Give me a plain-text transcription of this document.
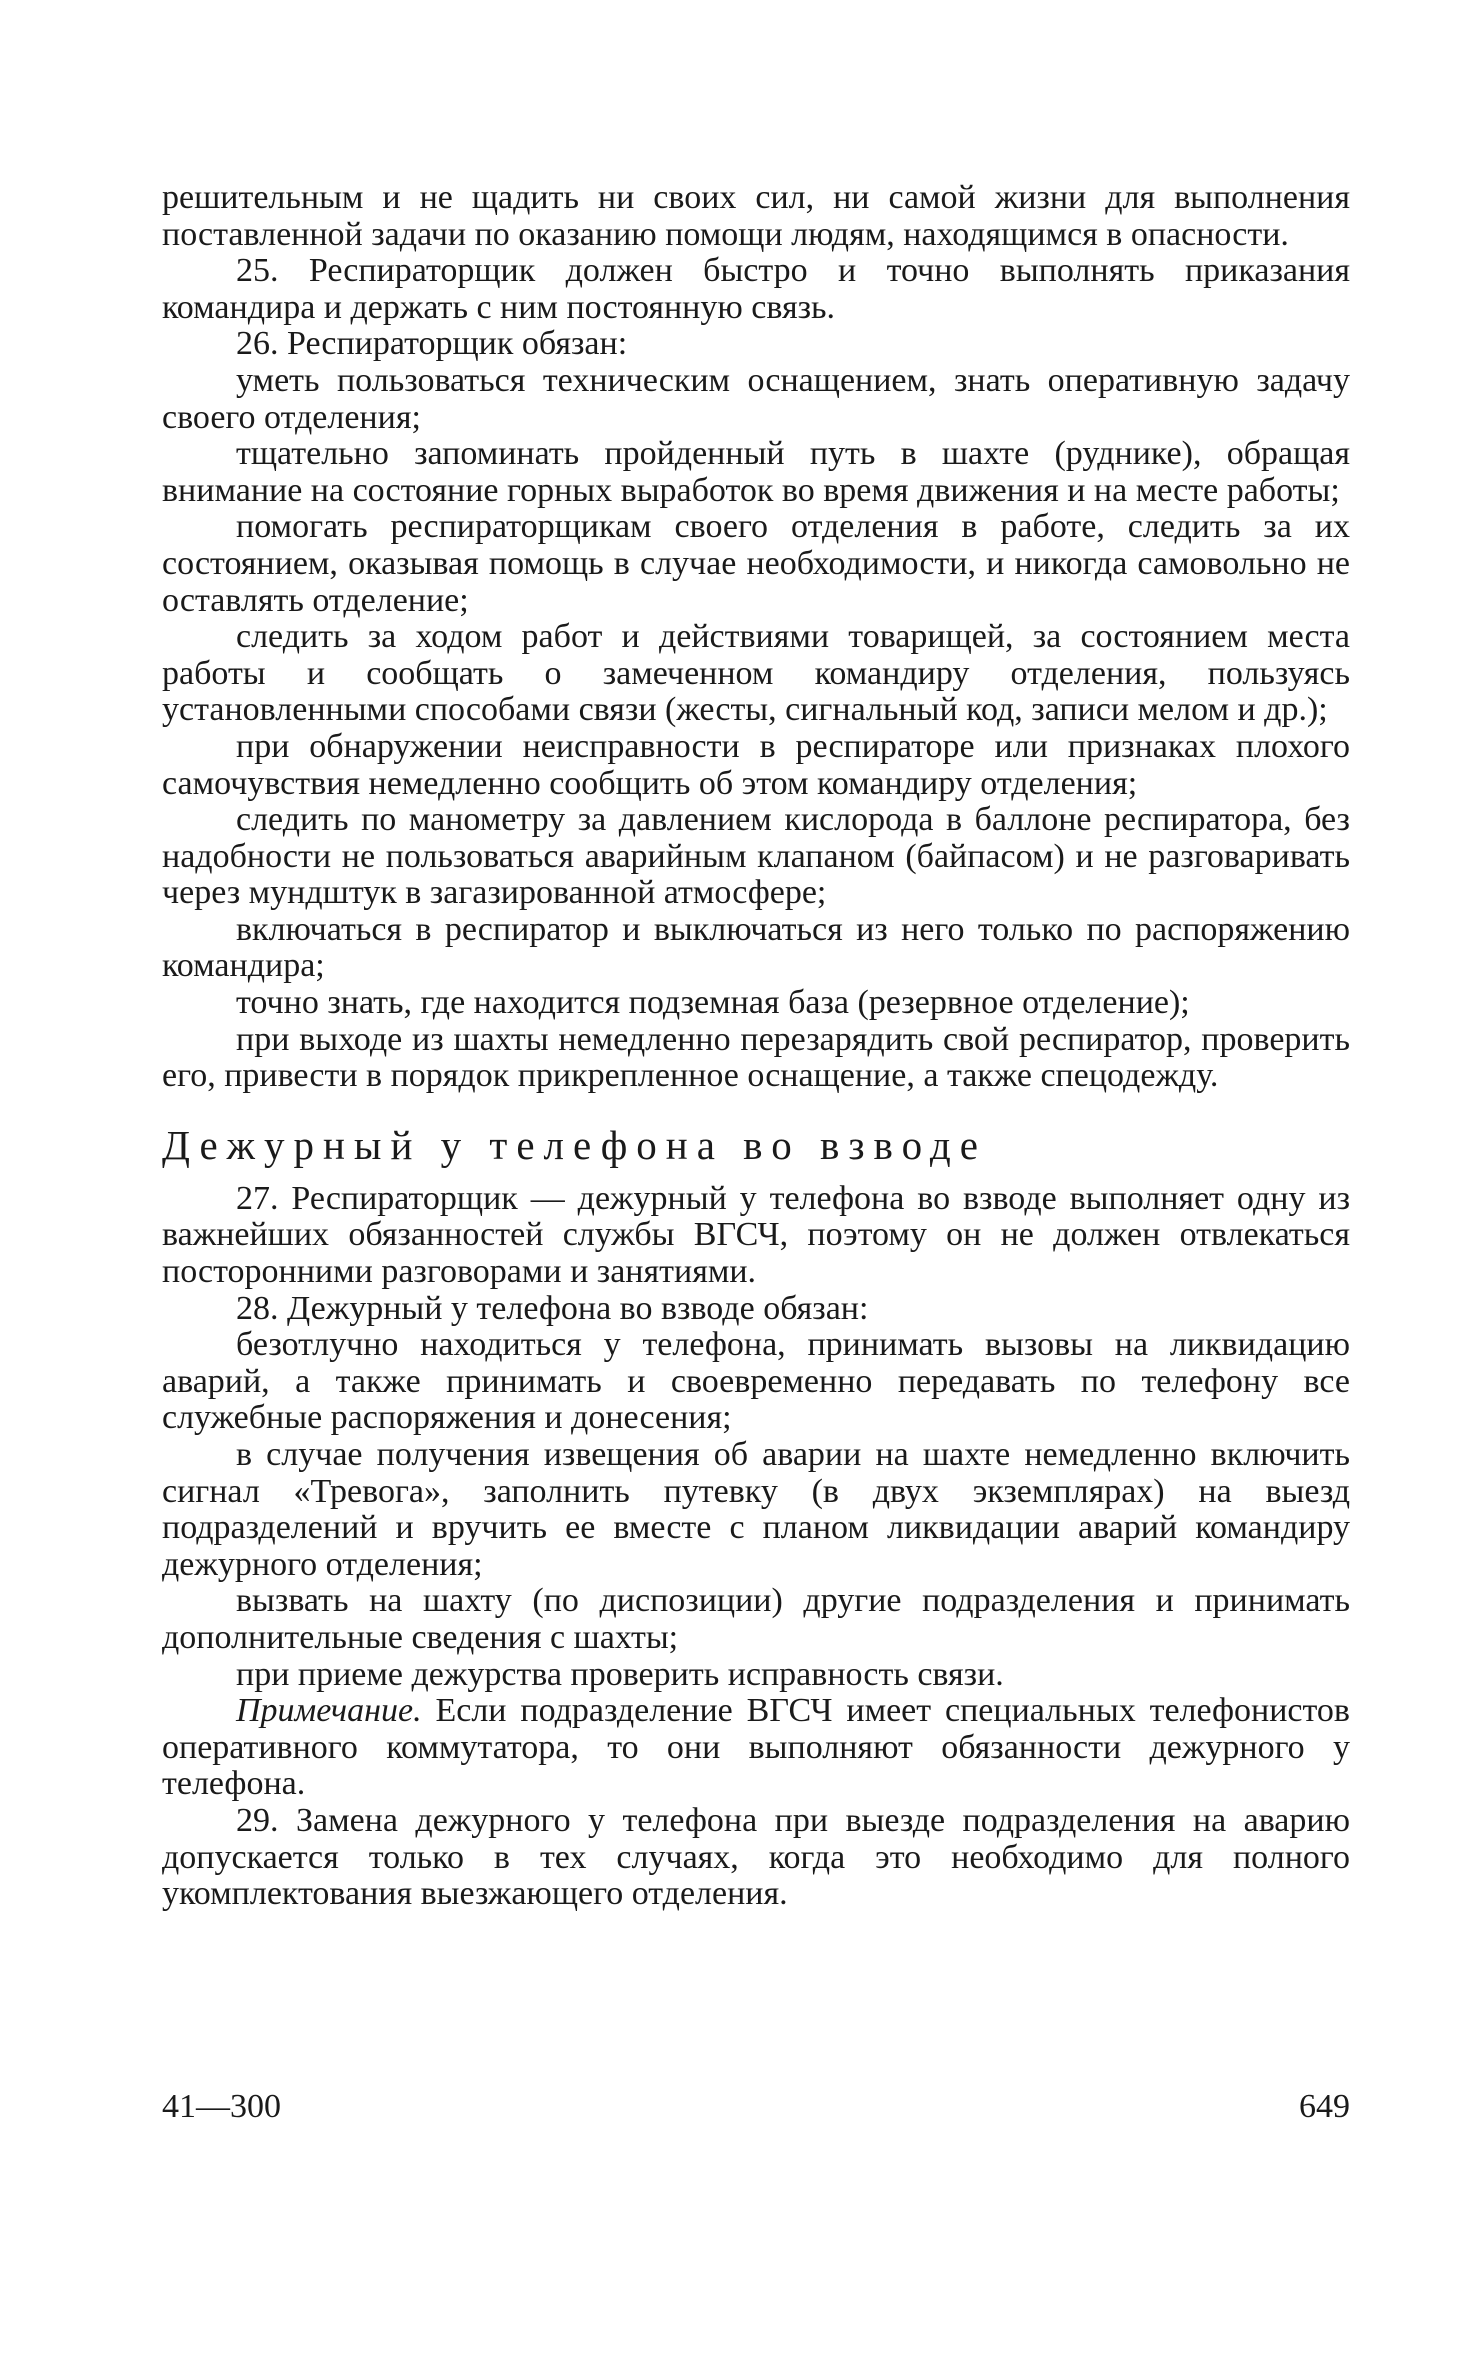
решительным и не щадить ни своих сил, ни самой жизни для выполнения поставленной задачи по оказанию помощи людям, находящимся в опасности.

25. Респираторщик должен быстро и точно выполнять приказания командира и держать с ним постоянную связь.

26. Респираторщик обязан:

уметь пользоваться техническим оснащением, знать оперативную задачу своего отделения;

тщательно запоминать пройденный путь в шахте (руднике), обращая внимание на состояние горных выработок во время движения и на месте работы;

помогать респираторщикам своего отделения в работе, следить за их состоянием, оказывая помощь в случае необходимости, и никогда самовольно не оставлять отделение;

следить за ходом работ и действиями товарищей, за состоянием места работы и сообщать о замеченном командиру отделения, пользуясь установленными способами связи (жесты, сигнальный код, записи мелом и др.);

при обнаружении неисправности в респираторе или признаках плохого самочувствия немедленно сообщить об этом командиру отделения;

следить по манометру за давлением кислорода в баллоне респиратора, без надобности не пользоваться аварийным клапаном (байпасом) и не разговаривать через мундштук в загазированной атмосфере;

включаться в респиратор и выключаться из него только по распоряжению командира;

точно знать, где находится подземная база (резервное отделение);

при выходе из шахты немедленно перезарядить свой респиратор, проверить его, привести в порядок прикрепленное оснащение, а также спецодежду.

Дежурный у телефона во взводе

27. Респираторщик — дежурный у телефона во взводе выполняет одну из важнейших обязанностей службы ВГСЧ, поэтому он не должен отвлекаться посторонними разговорами и занятиями.

28. Дежурный у телефона во взводе обязан:

безотлучно находиться у телефона, принимать вызовы на ликвидацию аварий, а также принимать и своевременно передавать по телефону все служебные распоряжения и донесения;

в случае получения извещения об аварии на шахте немедленно включить сигнал «Тревога», заполнить путевку (в двух экземплярах) на выезд подразделений и вручить ее вместе с планом ликвидации аварий командиру дежурного отделения;

вызвать на шахту (по диспозиции) другие подразделения и принимать дополнительные сведения с шахты;

при приеме дежурства проверить исправность связи.

Примечание. Если подразделение ВГСЧ имеет специальных телефонистов оперативного коммутатора, то они выполняют обязанности дежурного у телефона.

29. Замена дежурного у телефона при выезде подразделения на аварию допускается только в тех случаях, когда это необходимо для полного укомплектования выезжающего отделения.

41—300	649
